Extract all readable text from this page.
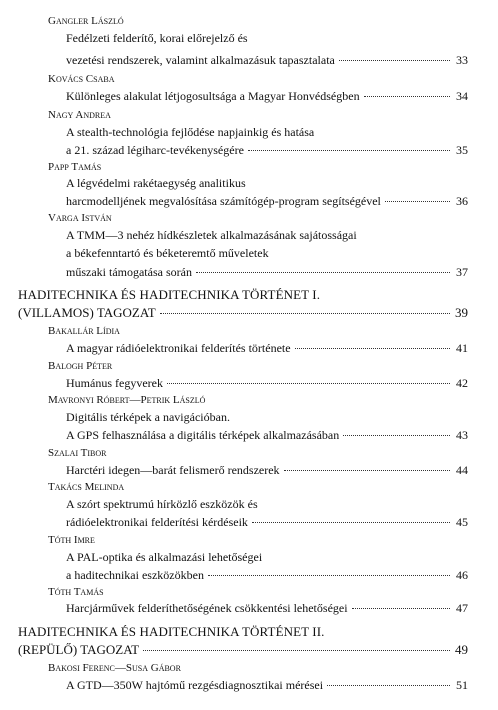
Gangler László
Fedélzeti felderítő, korai előrejelző és
vezetési rendszerek, valamint alkalmazásuk tapasztalata	33
Kovács Csaba
Különleges alakulat létjogosultsága a Magyar Honvédségben	34
Nagy Andrea
A stealth-technológia fejlődése napjainkig és hatása
a 21. század légiharc-tevékenységére	35
Papp Tamás
A légvédelmi rakétaegység analitikus
harcmodelljének megvalósítása számítógép-program segítségével	36
Varga István
A TMM—3 nehéz hídkészletek alkalmazásának sajátosságai
a békefenntartó és béketeremtő műveletek
műszaki támogatása során	37
HADITECHNIKA ÉS HADITECHNIKA TÖRTÉNET I.
(VILLAMOS) TAGOZAT	39
Bakallár Lídia
A magyar rádióelektronikai felderítés története	41
Balogh Péter
Humánus fegyverek	42
Mavronyi Róbert—Petrik László
Digitális térképek a navigációban.
A GPS felhasználása a digitális térképek alkalmazásában	43
Szalai Tibor
Harctéri idegen—barát felismerő rendszerek	44
Takács Melinda
A szórt spektrumú hírközlő eszközök és
rádióelektronikai felderítési kérdéseik	45
Tóth Imre
A PAL-optika és alkalmazási lehetőségei
a haditechnikai eszközökben	46
Tóth Tamás
Harcjárművek felderíthetőségének csökkentési lehetőségei	47
HADITECHNIKA ÉS HADITECHNIKA TÖRTÉNET II.
(REPÜLŐ) TAGOZAT	49
Bakosi Ferenc—Susa Gábor
A GTD—350W hajtómű rezgésdiagnosztikai mérései	51
